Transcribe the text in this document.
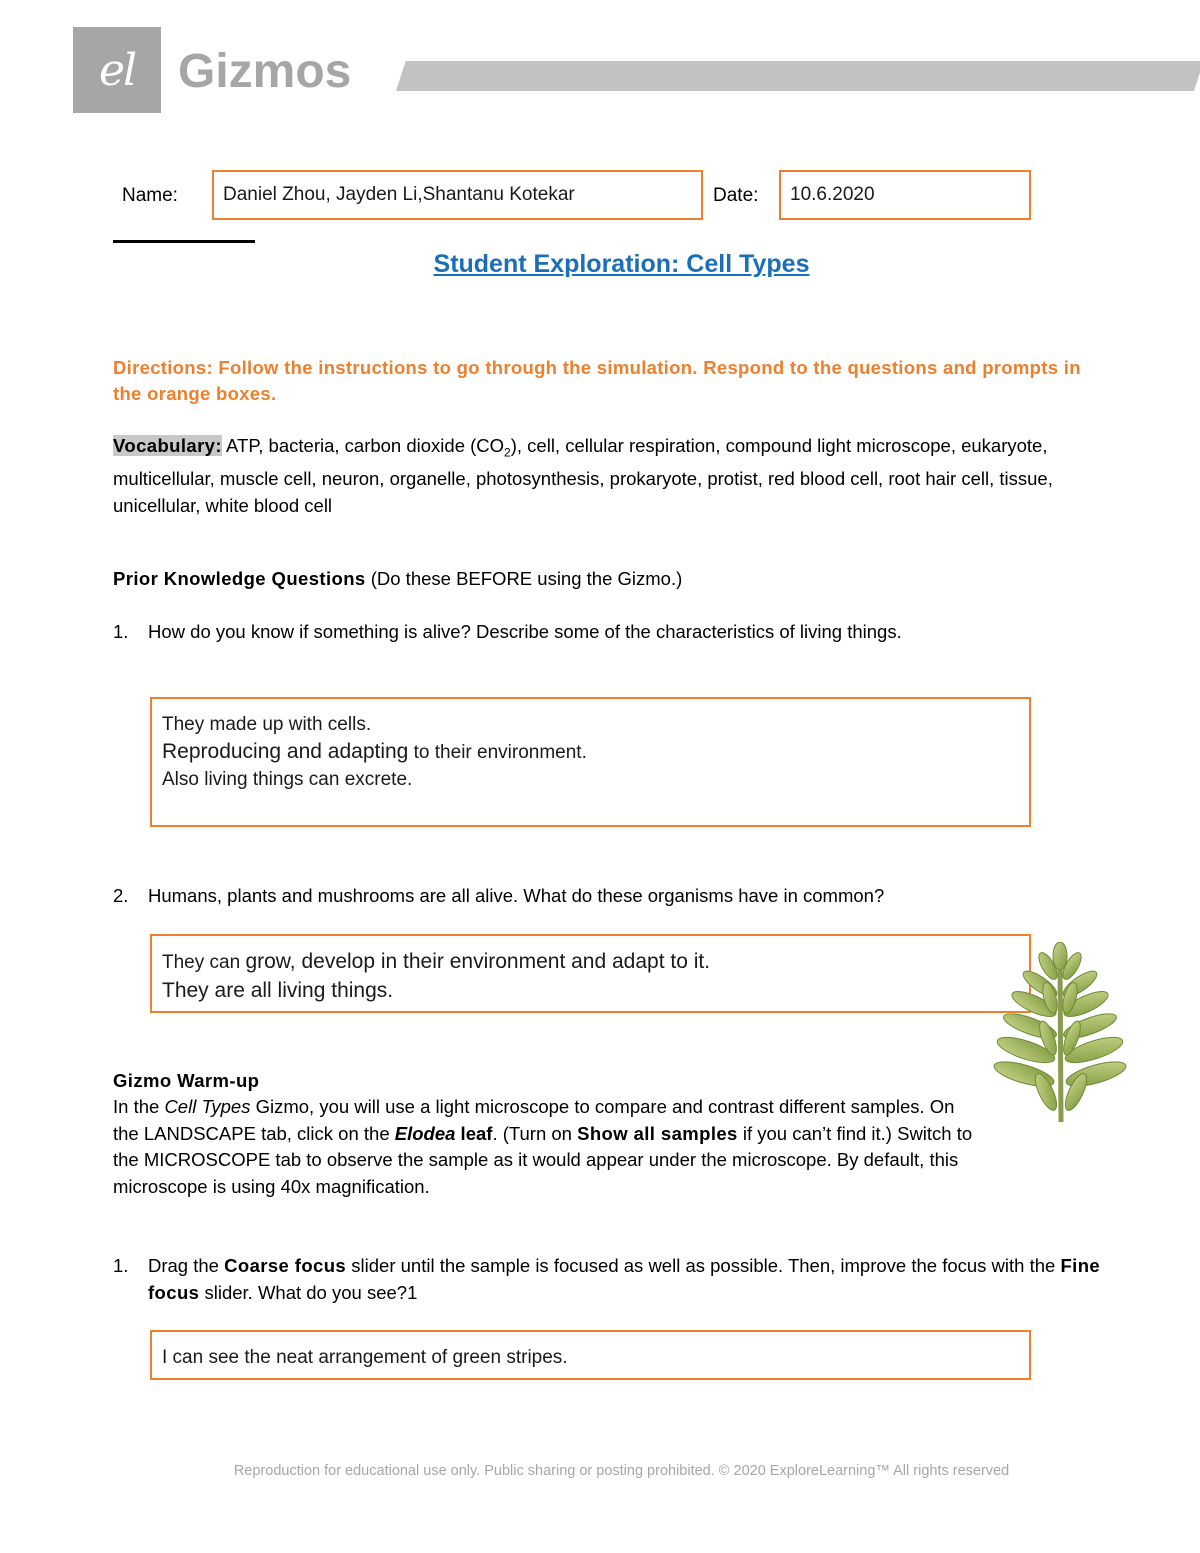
el Gizmos
Name:	Daniel Zhou, Jayden Li,Shantanu Kotekar	Date:	10.6.2020
Student Exploration: Cell Types
Directions: Follow the instructions to go through the simulation. Respond to the questions and prompts in the orange boxes.
Vocabulary: ATP, bacteria, carbon dioxide $(CO_2)$, cell, cellular respiration, compound light microscope, eukaryote, multicellular, muscle cell, neuron, organelle, photosynthesis, prokaryote, protist, red blood cell, root hair cell, tissue, unicellular, white blood cell
Prior Knowledge Questions (Do these BEFORE using the Gizmo.)
1. How do you know if something is alive? Describe some of the characteristics of living things.
They made up with cells.
Reproducing and adapting to their environment.
Also living things can excrete.
2. Humans, plants and mushrooms are all alive. What do these organisms have in common?
They can grow, develop in their environment and adapt to it.
They are all living things.
Gizmo Warm-up
In the Cell Types Gizmo, you will use a light microscope to compare and contrast different samples. On the LANDSCAPE tab, click on the Elodea leaf. (Turn on Show all samples if you can’t find it.) Switch to the MICROSCOPE tab to observe the sample as it would appear under the microscope. By default, this microscope is using 40x magnification.
1. Drag the Coarse focus slider until the sample is focused as well as possible. Then, improve the focus with the Fine focus slider. What do you see?1
I can see the neat arrangement of green stripes.
Reproduction for educational use only. Public sharing or posting prohibited. © 2020 ExploreLearning™ All rights reserved
